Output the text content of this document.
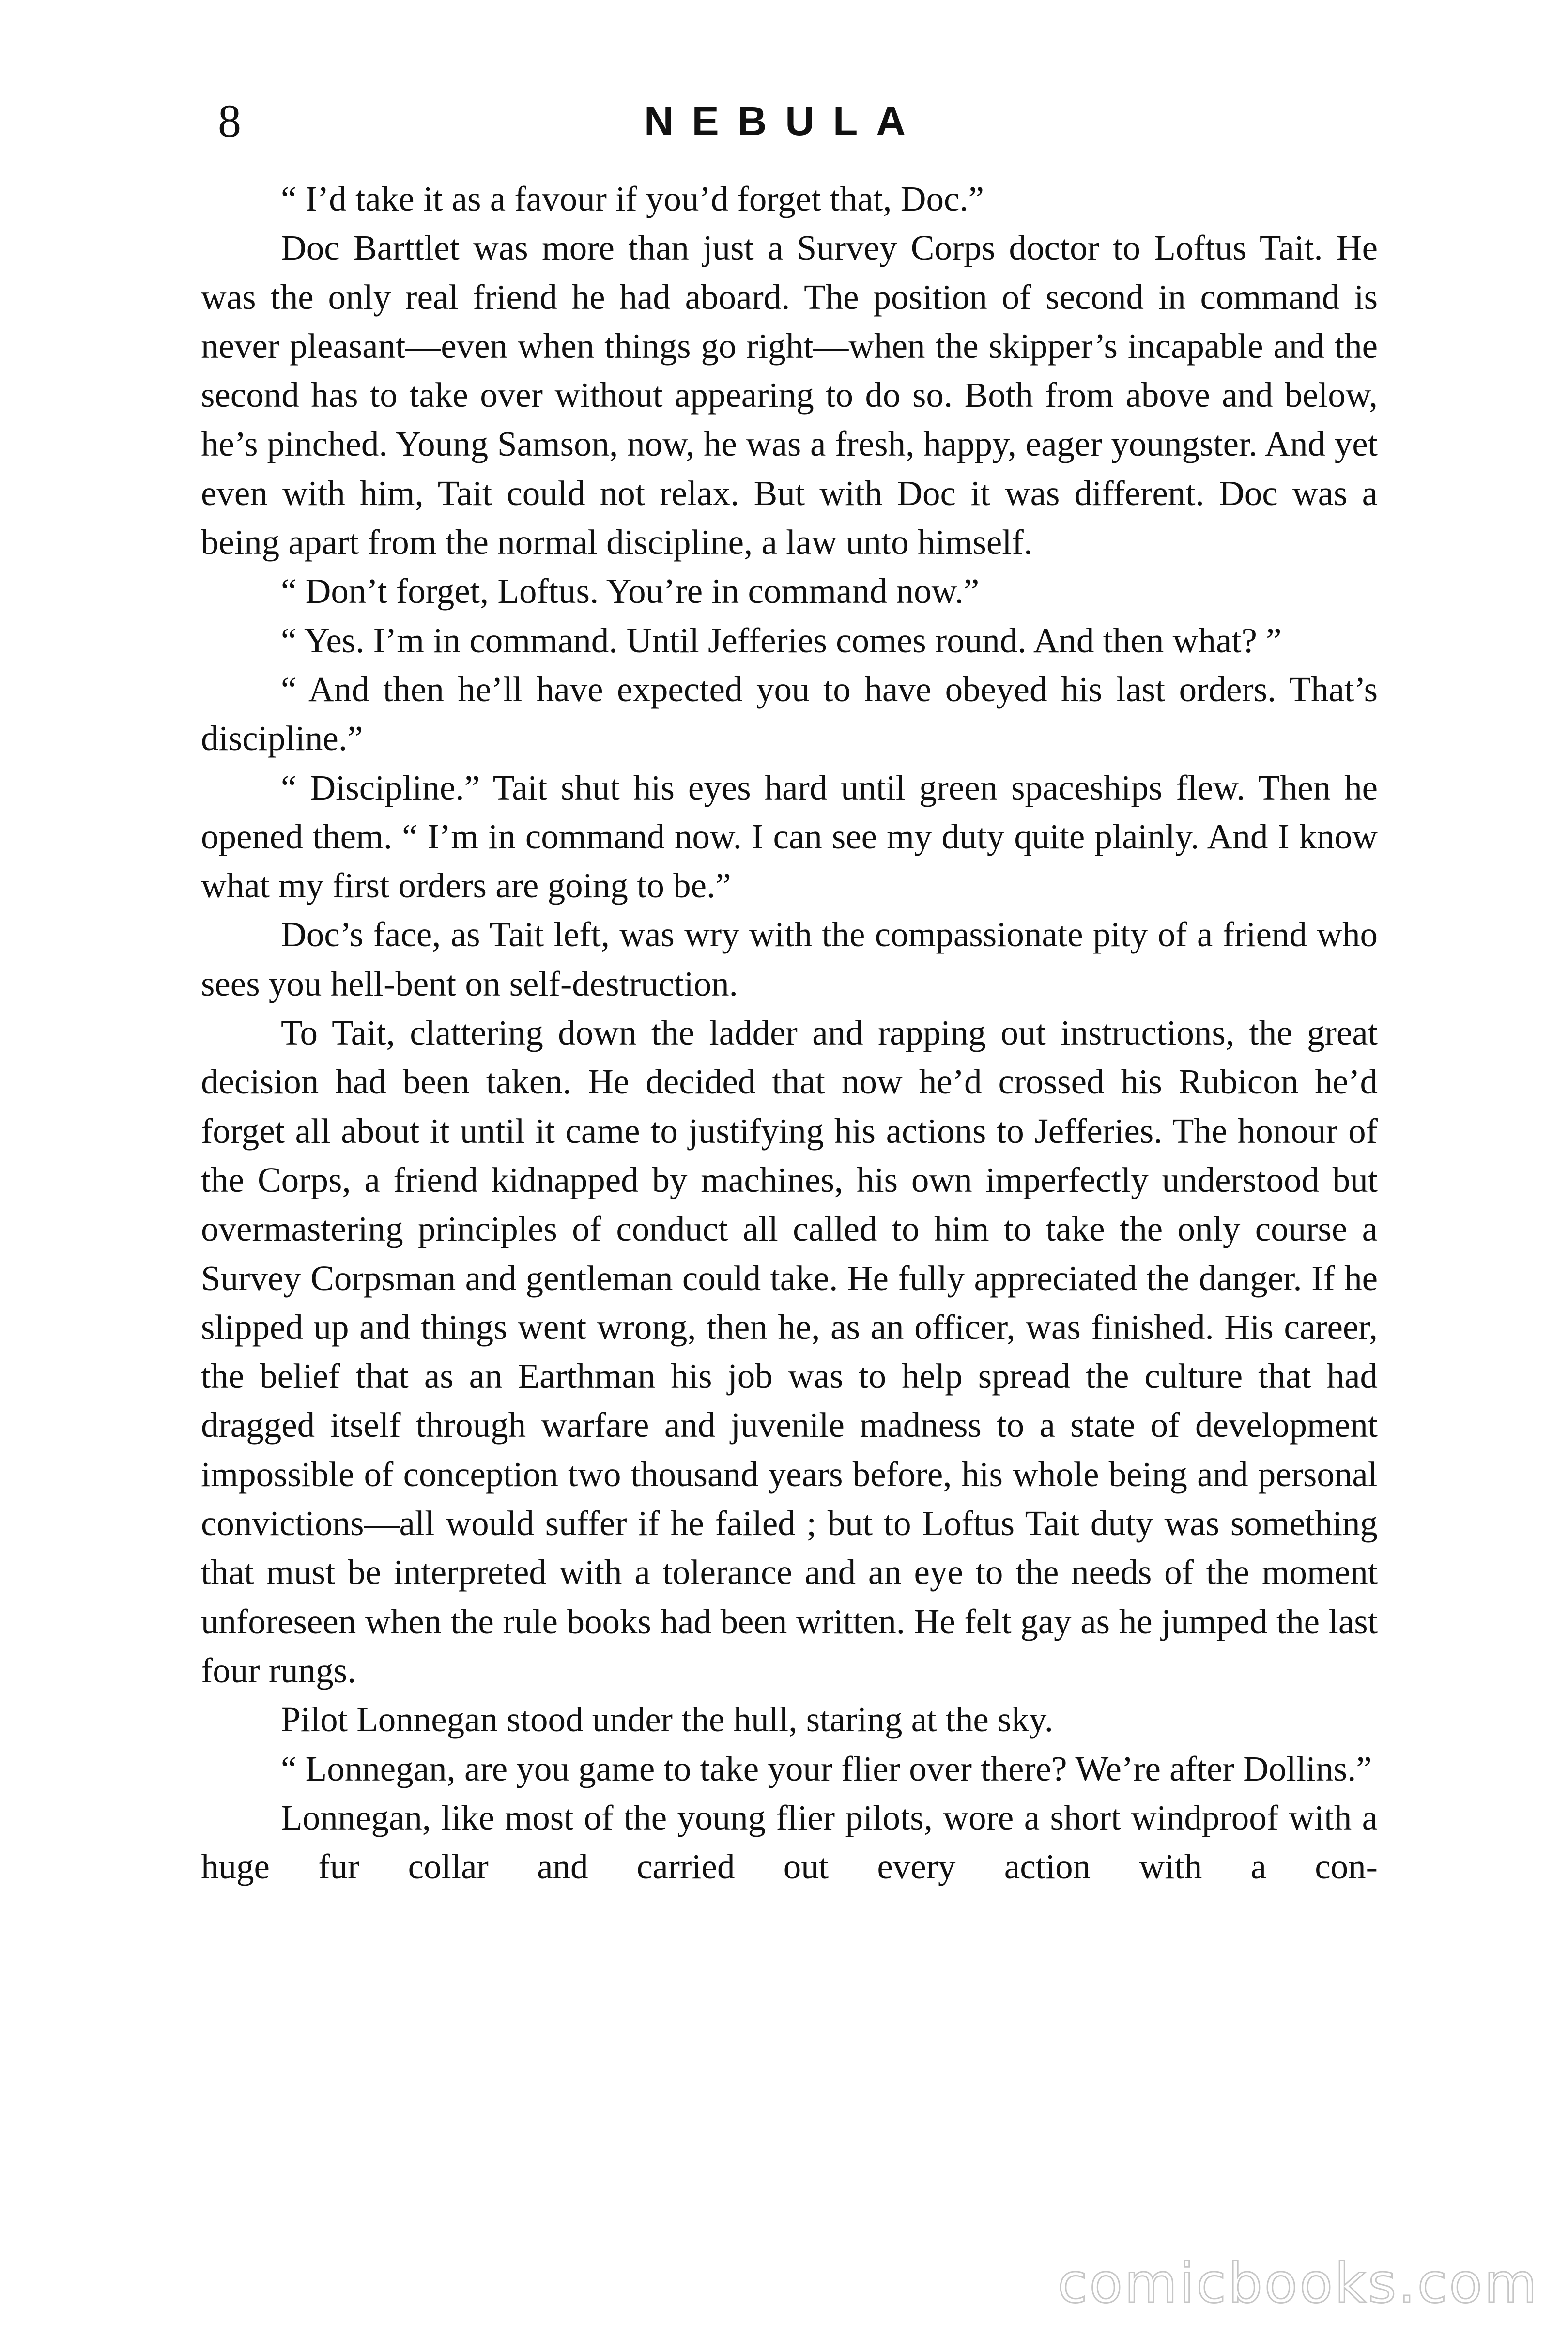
8	NEBULA

“ I’d take it as a favour if you’d forget that, Doc.”

Doc Barttlet was more than just a Survey Corps doctor to Loftus Tait. He was the only real friend he had aboard. The position of second in command is never pleasant—even when things go right—when the skipper’s incapable and the second has to take over without appearing to do so. Both from above and below, he’s pinched. Young Samson, now, he was a fresh, happy, eager youngster. And yet even with him, Tait could not relax. But with Doc it was different. Doc was a being apart from the normal discipline, a law unto himself.

“ Don’t forget, Loftus. You’re in command now.”

“ Yes. I’m in command. Until Jefferies comes round. And then what? ”

“ And then he’ll have expected you to have obeyed his last orders. That’s discipline.”

“ Discipline.” Tait shut his eyes hard until green spaceships flew. Then he opened them. “ I’m in command now. I can see my duty quite plainly. And I know what my first orders are going to be.”

Doc’s face, as Tait left, was wry with the compassionate pity of a friend who sees you hell-bent on self-destruction.

To Tait, clattering down the ladder and rapping out instructions, the great decision had been taken. He decided that now he’d crossed his Rubicon he’d forget all about it until it came to justifying his actions to Jefferies. The honour of the Corps, a friend kidnapped by machines, his own imperfectly understood but overmastering principles of conduct all called to him to take the only course a Survey Corpsman and gentleman could take. He fully appreciated the danger. If he slipped up and things went wrong, then he, as an officer, was finished. His career, the belief that as an Earthman his job was to help spread the culture that had dragged itself through warfare and juvenile madness to a state of development impossible of conception two thousand years before, his whole being and personal convictions—all would suffer if he failed ; but to Loftus Tait duty was something that must be interpreted with a tolerance and an eye to the needs of the moment unforeseen when the rule books had been written. He felt gay as he jumped the last four rungs.

Pilot Lonnegan stood under the hull, staring at the sky.

“ Lonnegan, are you game to take your flier over there? We’re after Dollins.”

Lonnegan, like most of the young flier pilots, wore a short windproof with a huge fur collar and carried out every action with a con-

comicbooks.com
